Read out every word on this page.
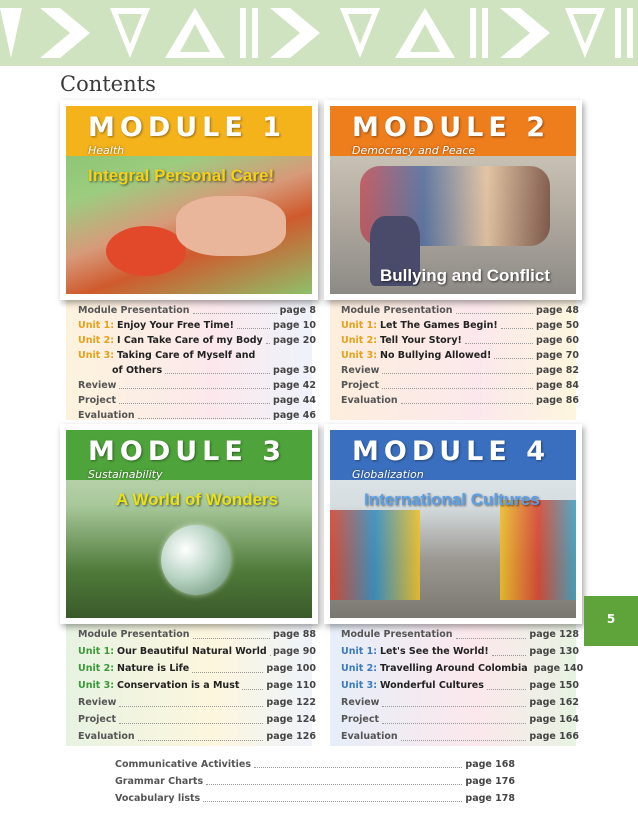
Contents
MODULE 1
Health
Integral Personal Care!
MODULE 2
Democracy and Peace
Bullying and Conflict
Module Presentation	page 8
Unit 1: Enjoy Your Free Time!	page 10
Unit 2: I Can Take Care of my Body page 20
Unit 3: Taking Care of Myself and
of Others	page 30
Review	page 42
Project	page 44
Evaluation	page 46
Module Presentation	page 48
Unit 1: Let The Games Begin!	page 50
Unit 2: Tell Your Story!	page 60
Unit 3: No Bullying Allowed!	page 70
Review	page 82
Project	page 84
Evaluation	page 86
MODULE 3
Sustainability
A World of Wonders
MODULE 4
Globalization
International Cultures
Module Presentation	page 88
Unit 1: Our Beautiful Natural World page 90
Unit 2: Nature is Life	page 100
Unit 3: Conservation is a Must	page 110
Review	page 122
Project	page 124
Evaluation	page 126
Module Presentation	page 128
Unit 1: Let's See the World!	page 130
Unit 2: Travelling Around Colombia page 140
Unit 3: Wonderful Cultures	page 150
Review	page 162
Project	page 164
Evaluation	page 166
5
Communicative Activities	page 168
Grammar Charts	page 176
Vocabulary lists	page 178
